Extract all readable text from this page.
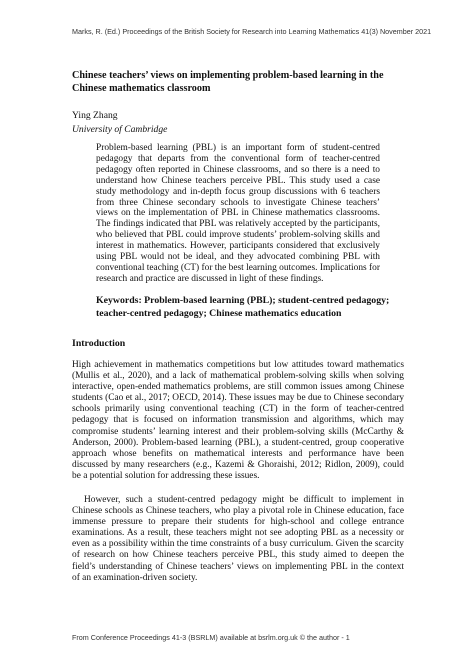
Marks, R. (Ed.) Proceedings of the British Society for Research into Learning Mathematics 41(3) November 2021
Chinese teachers’ views on implementing problem-based learning in the Chinese mathematics classroom
Ying Zhang
University of Cambridge
Problem-based learning (PBL) is an important form of student-centred
pedagogy that departs from the conventional form of teacher-centred
pedagogy often reported in Chinese classrooms, and so there is a need to
understand how Chinese teachers perceive PBL. This study used a case
study methodology and in-depth focus group discussions with 6 teachers
from three Chinese secondary schools to investigate Chinese teachers’
views on the implementation of PBL in Chinese mathematics classrooms.
The findings indicated that PBL was relatively accepted by the participants,
who believed that PBL could improve students’ problem-solving skills and
interest in mathematics. However, participants considered that exclusively
using PBL would not be ideal, and they advocated combining PBL with
conventional teaching (CT) for the best learning outcomes. Implications for
research and practice are discussed in light of these findings.
Keywords: Problem-based learning (PBL); student-centred pedagogy;
teacher-centred pedagogy; Chinese mathematics education
Introduction
High achievement in mathematics competitions but low attitudes toward mathematics
(Mullis et al., 2020), and a lack of mathematical problem-solving skills when solving
interactive, open-ended mathematics problems, are still common issues among Chinese
students (Cao et al., 2017; OECD, 2014). These issues may be due to Chinese secondary
schools primarily using conventional teaching (CT) in the form of teacher-centred
pedagogy that is focused on information transmission and algorithms, which may
compromise students’ learning interest and their problem-solving skills (McCarthy &
Anderson, 2000). Problem-based learning (PBL), a student-centred, group cooperative
approach whose benefits on mathematical interests and performance have been
discussed by many researchers (e.g., Kazemi & Ghoraishi, 2012; Ridlon, 2009), could
be a potential solution for addressing these issues.
However, such a student-centred pedagogy might be difficult to implement in
Chinese schools as Chinese teachers, who play a pivotal role in Chinese education, face
immense pressure to prepare their students for high-school and college entrance
examinations. As a result, these teachers might not see adopting PBL as a necessity or
even as a possibility within the time constraints of a busy curriculum. Given the scarcity
of research on how Chinese teachers perceive PBL, this study aimed to deepen the
field’s understanding of Chinese teachers’ views on implementing PBL in the context
of an examination-driven society.
From Conference Proceedings 41-3 (BSRLM) available at bsrlm.org.uk © the author - 1
